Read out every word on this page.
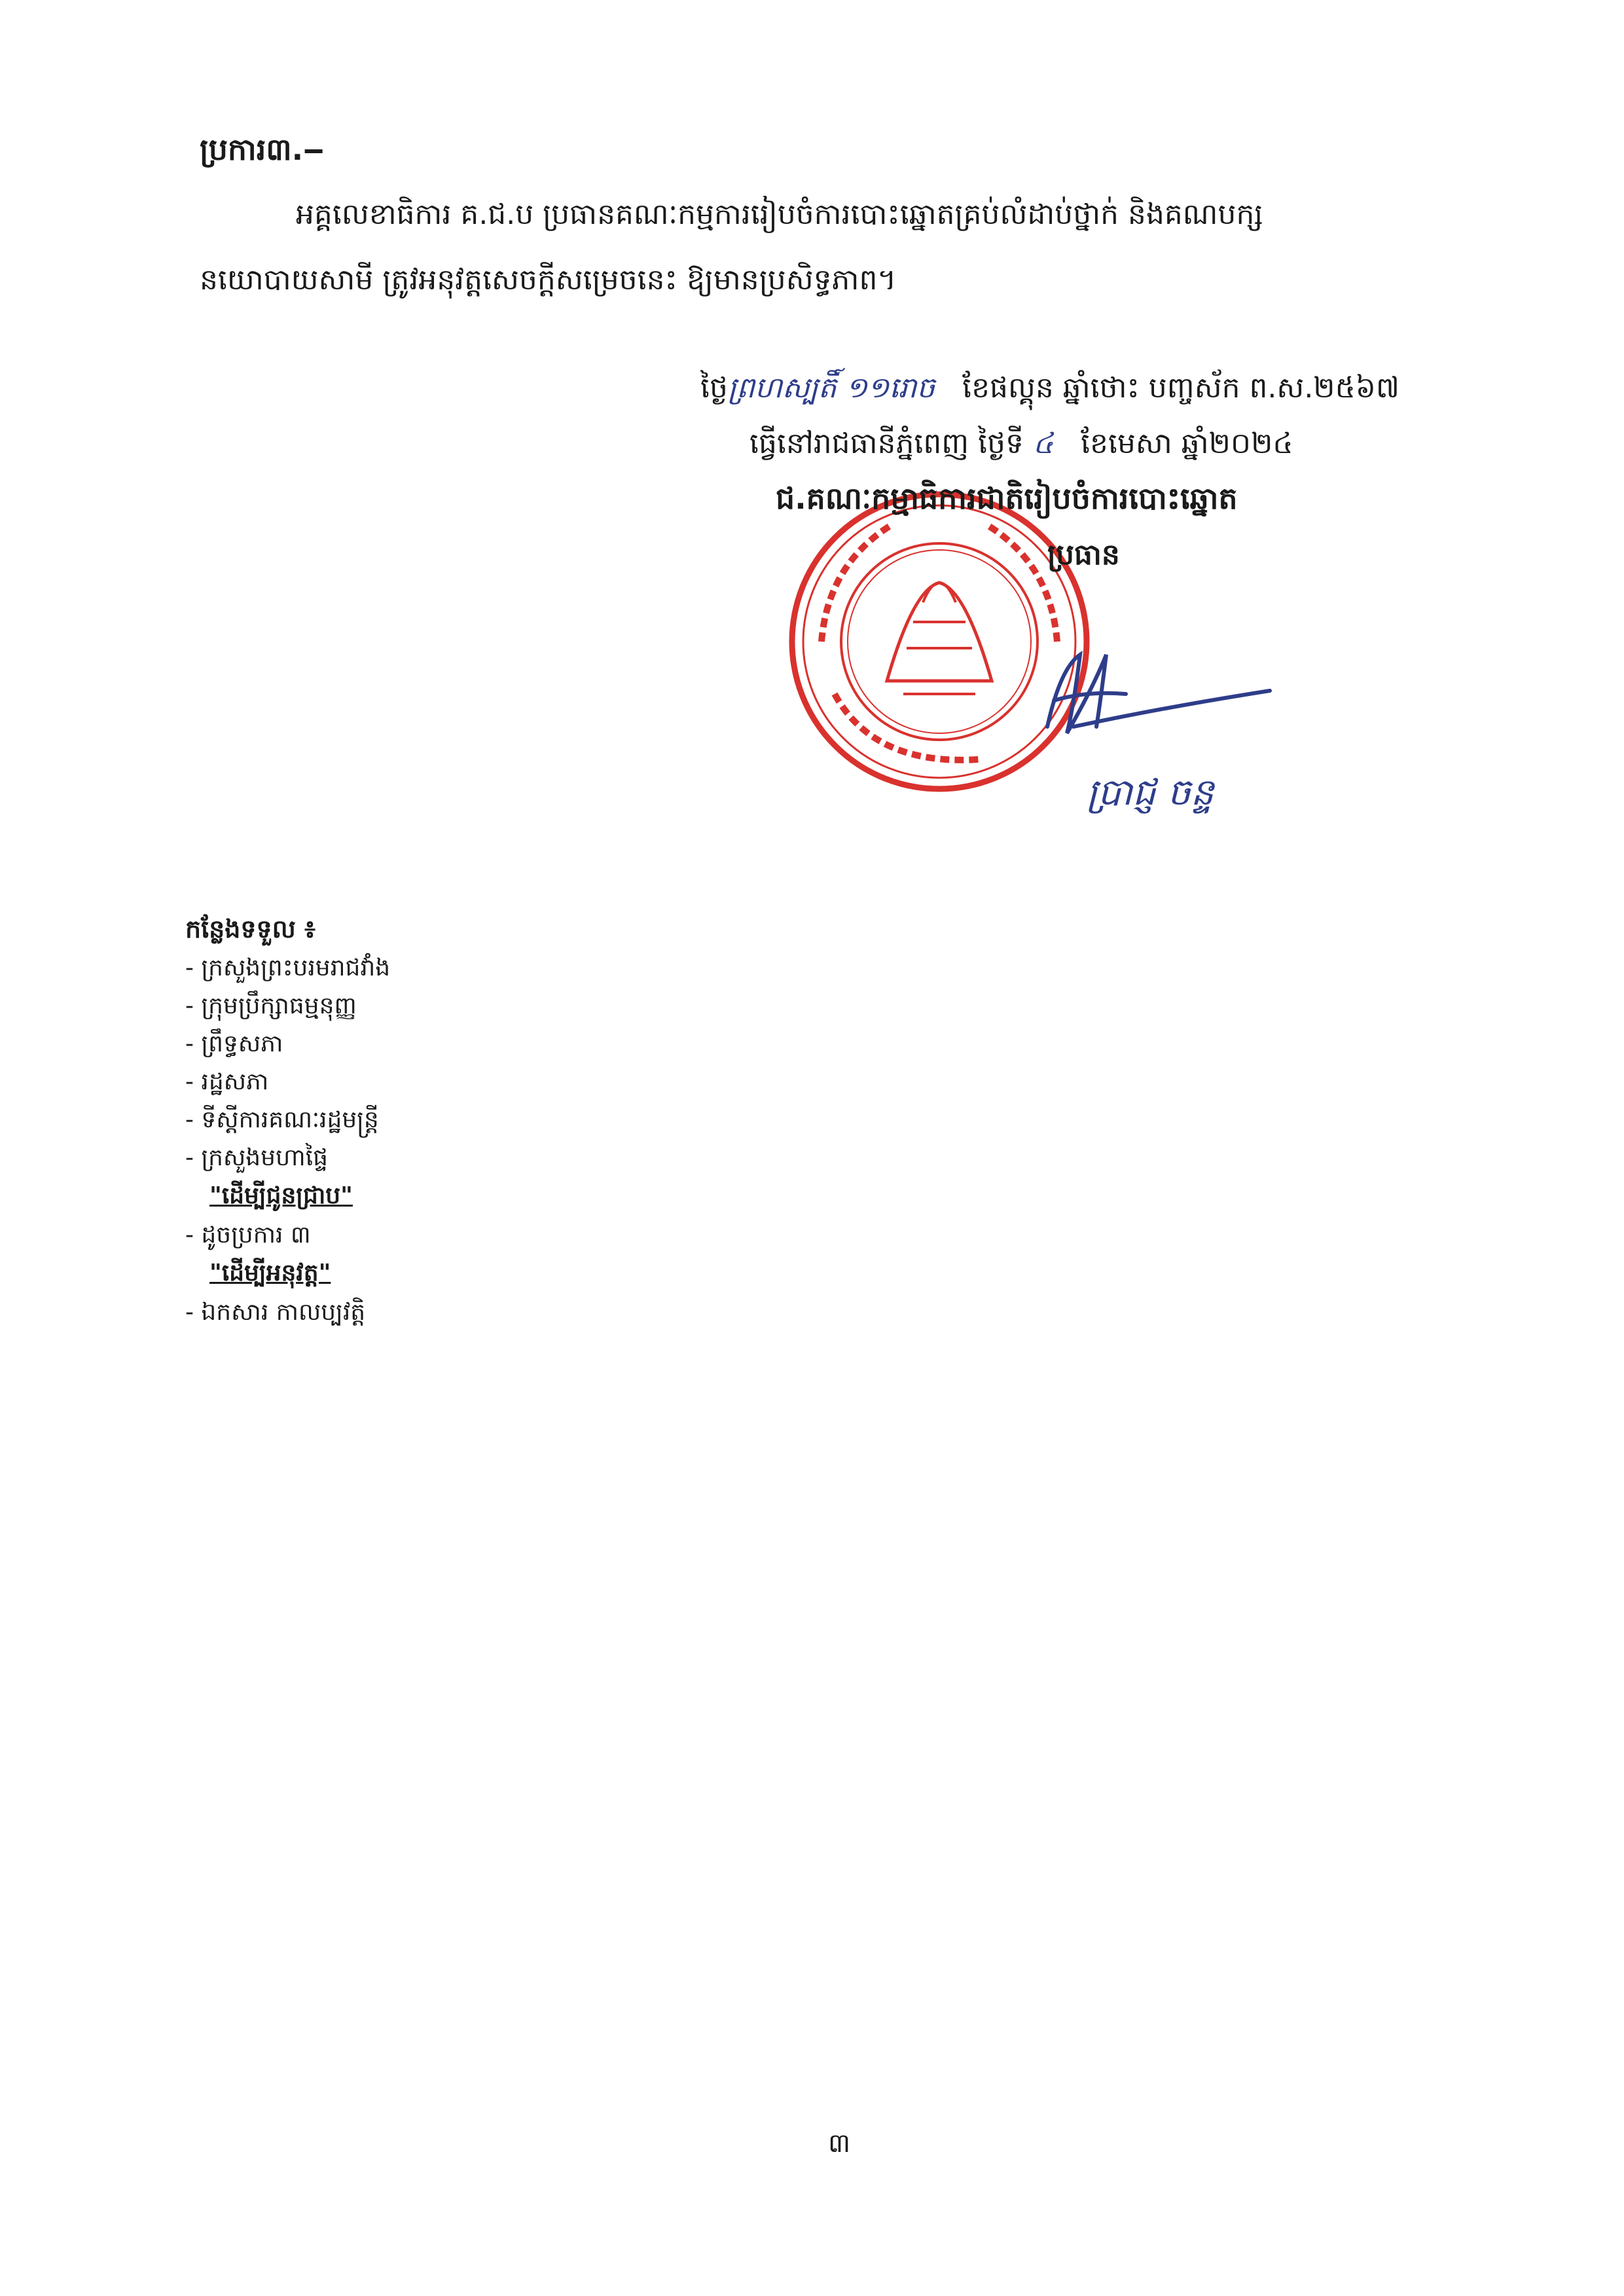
ប្រការ៣.‒
អគ្គលេខាធិការ គ.ជ.ប ប្រធានគណៈកម្មការរៀបចំការបោះឆ្នោតគ្រប់លំដាប់ថ្នាក់ និងគណបក្ស
នយោបាយសាមី ត្រូវអនុវត្តសេចក្ដីសម្រេចនេះ ឱ្យមានប្រសិទ្ធភាព។
ថ្ងៃព្រហស្បតិ៍ ១១រោច ខែផល្គុន ឆ្នាំថោះ បញ្ចស័ក ព.ស.២៥៦៧
ធ្វើនៅរាជធានីភ្នំពេញ ថ្ងៃទី ៤ ខែមេសា ឆ្នាំ២០២៤
ជ.គណៈកម្មាធិការជាតិរៀបចំការបោះឆ្នោត
ប្រធាន
ប្រាជ្ញ ចន្ទ
កន្លែងទទួល ៖
- ក្រសួងព្រះបរមរាជវាំង
- ក្រុមប្រឹក្សាធម្មនុញ្ញ
- ព្រឹទ្ធសភា
- រដ្ឋសភា
- ទីស្ដីការគណៈរដ្ឋមន្ត្រី
- ក្រសួងមហាផ្ទៃ
"ដើម្បីជូនជ្រាប"
- ដូចប្រការ ៣
"ដើម្បីអនុវត្ត"
- ឯកសារ កាលប្បវត្តិ
៣
